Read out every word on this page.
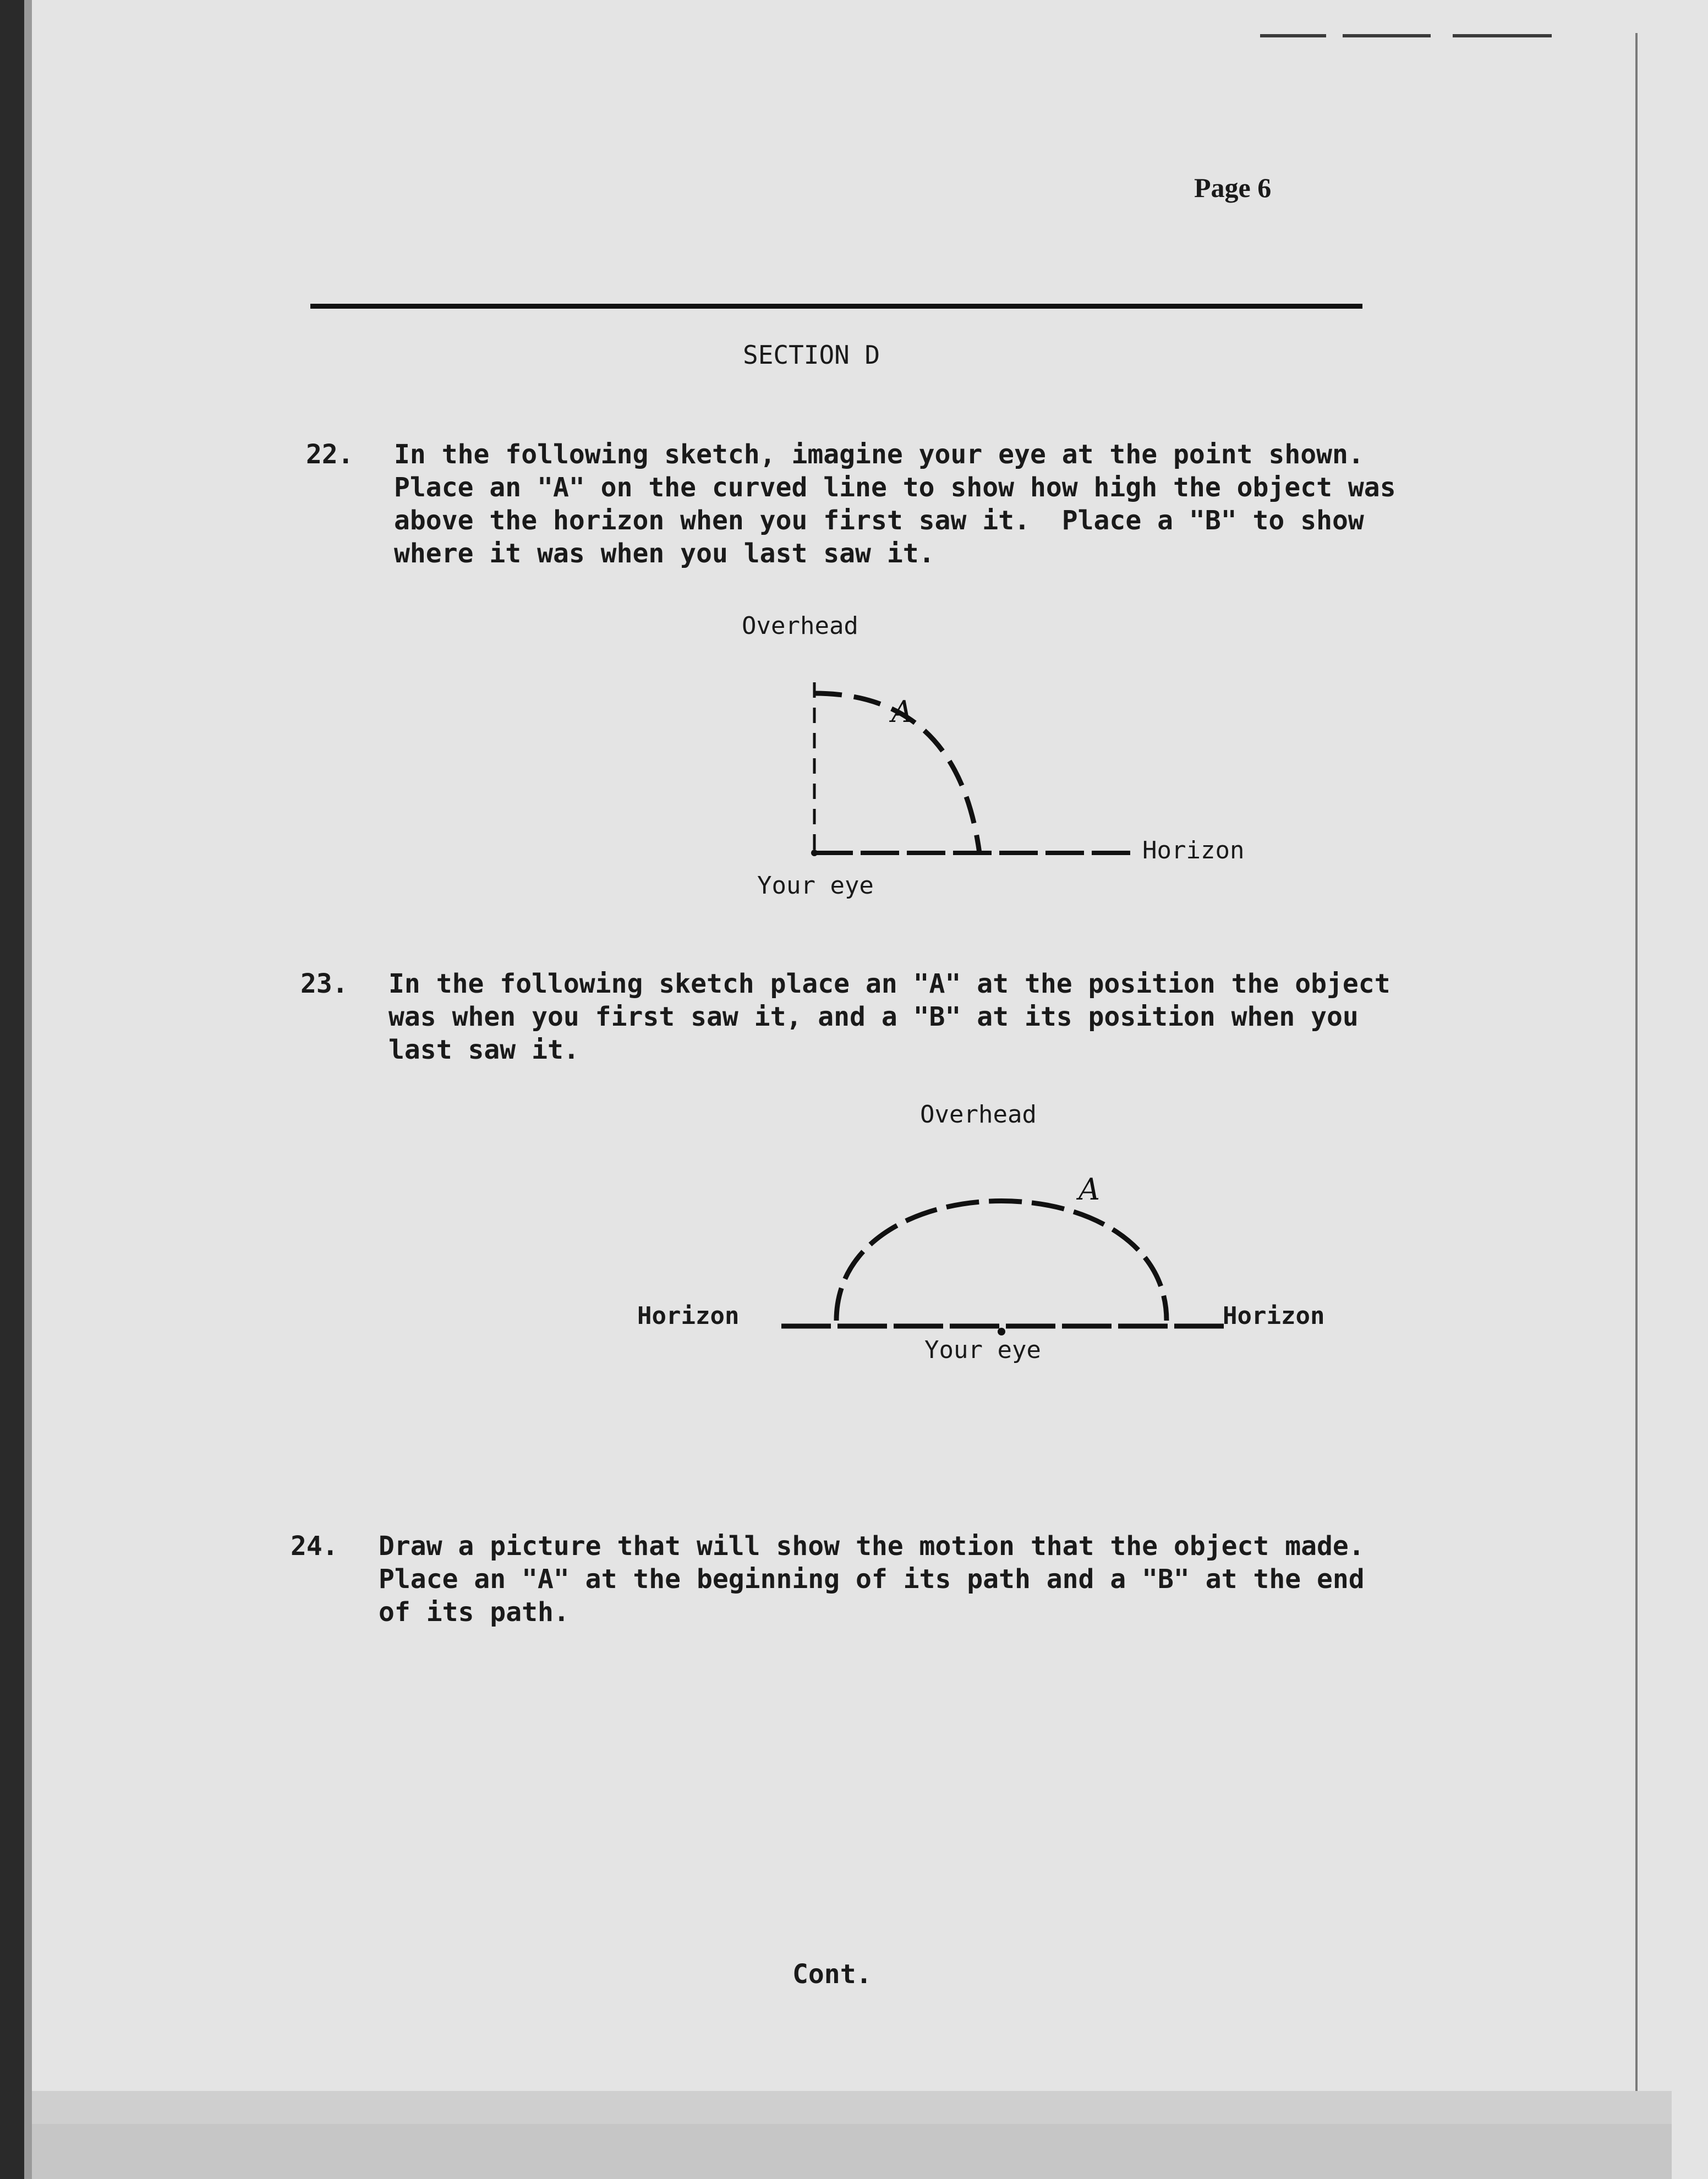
Page 6
SECTION D
22. In the following sketch, imagine your eye at the point shown.
Place an "A" on the curved line to show how high the object was
above the horizon when you first saw it.  Place a "B" to show
where it was when you last saw it.
Overhead
A
Horizon
Your eye
23. In the following sketch place an "A" at the position the object
was when you first saw it, and a "B" at its position when you
last saw it.
Overhead
A
Horizon	Horizon
Your eye
24. Draw a picture that will show the motion that the object made.
Place an "A" at the beginning of its path and a "B" at the end
of its path.
Cont.
